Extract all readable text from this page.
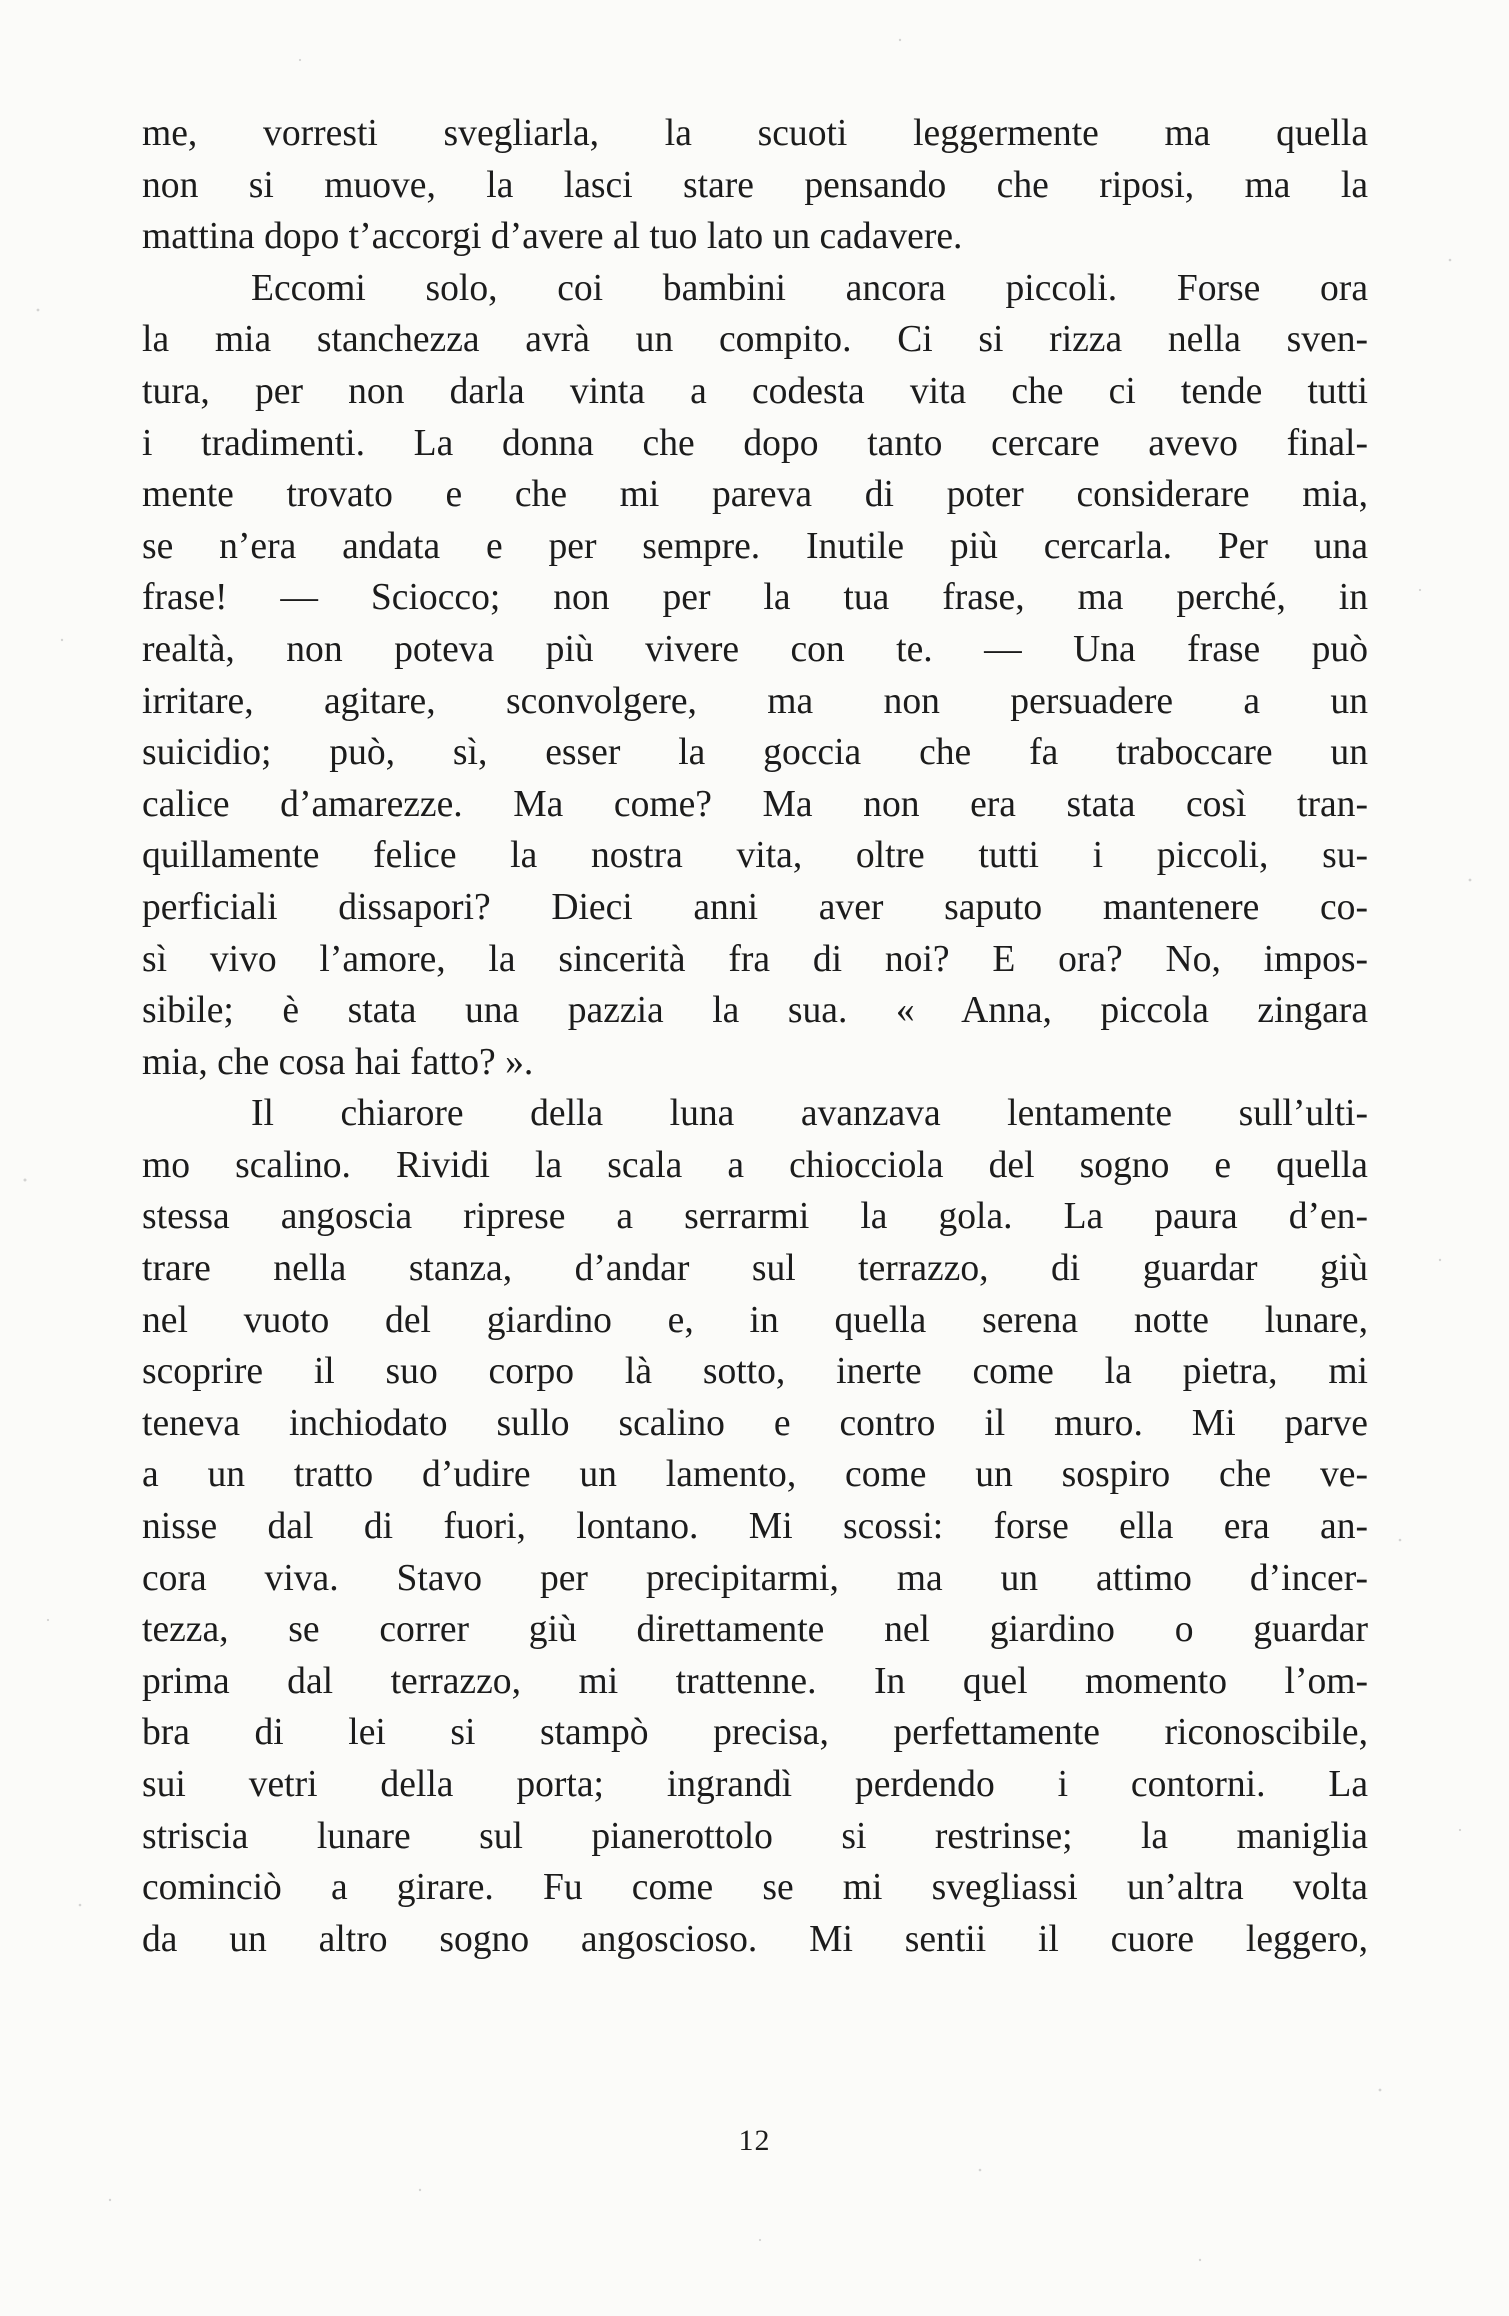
me, vorresti svegliarla, la scuoti leggermente ma quella
non si muove, la lasci stare pensando che riposi, ma la
mattina dopo t’accorgi d’avere al tuo lato un cadavere.
Eccomi solo, coi bambini ancora piccoli. Forse ora
la mia stanchezza avrà un compito. Ci si rizza nella sven-
tura, per non darla vinta a codesta vita che ci tende tutti
i tradimenti. La donna che dopo tanto cercare avevo final-
mente trovato e che mi pareva di poter considerare mia,
se n’era andata e per sempre. Inutile più cercarla. Per una
frase! — Sciocco; non per la tua frase, ma perché, in
realtà, non poteva più vivere con te. — Una frase può
irritare, agitare, sconvolgere, ma non persuadere a un
suicidio; può, sì, esser la goccia che fa traboccare un
calice d’amarezze. Ma come? Ma non era stata così tran-
quillamente felice la nostra vita, oltre tutti i piccoli, su-
perficiali dissapori? Dieci anni aver saputo mantenere co-
sì vivo l’amore, la sincerità fra di noi? E ora? No, impos-
sibile; è stata una pazzia la sua. « Anna, piccola zingara
mia, che cosa hai fatto? ».
Il chiarore della luna avanzava lentamente sull’ulti-
mo scalino. Rividi la scala a chiocciola del sogno e quella
stessa angoscia riprese a serrarmi la gola. La paura d’en-
trare nella stanza, d’andar sul terrazzo, di guardar giù
nel vuoto del giardino e, in quella serena notte lunare,
scoprire il suo corpo là sotto, inerte come la pietra, mi
teneva inchiodato sullo scalino e contro il muro. Mi parve
a un tratto d’udire un lamento, come un sospiro che ve-
nisse dal di fuori, lontano. Mi scossi: forse ella era an-
cora viva. Stavo per precipitarmi, ma un attimo d’incer-
tezza, se correr giù direttamente nel giardino o guardar
prima dal terrazzo, mi trattenne. In quel momento l’om-
bra di lei si stampò precisa, perfettamente riconoscibile,
sui vetri della porta; ingrandì perdendo i contorni. La
striscia lunare sul pianerottolo si restrinse; la maniglia
cominciò a girare. Fu come se mi svegliassi un’altra volta
da un altro sogno angoscioso. Mi sentii il cuore leggero,
12
